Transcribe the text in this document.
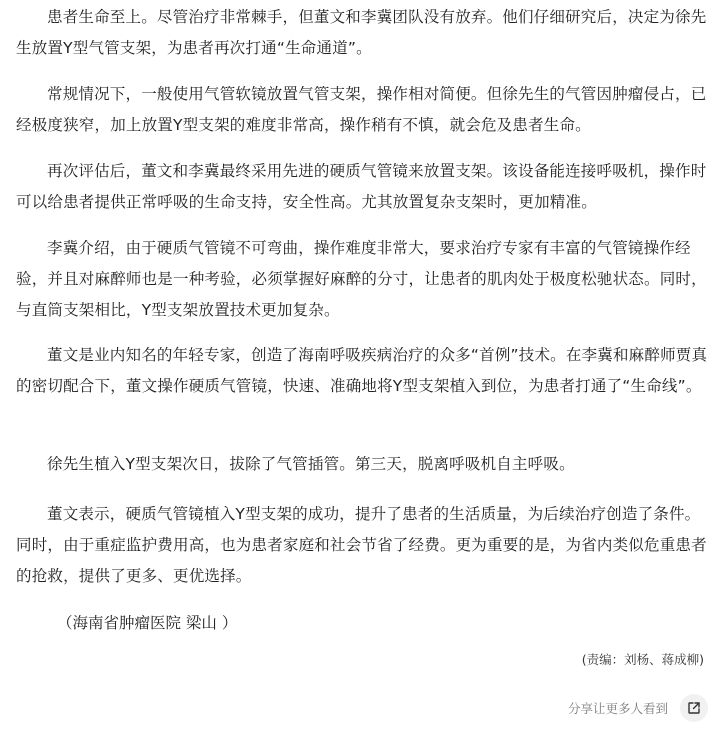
患者生命至上。尽管治疗非常棘手，但董文和李冀团队没有放弃。他们仔细研究后，决定为徐先生放置Y型气管支架，为患者再次打通“生命通道”。

常规情况下，一般使用气管软镜放置气管支架，操作相对简便。但徐先生的气管因肿瘤侵占，已经极度狭窄，加上放置Y型支架的难度非常高，操作稍有不慎，就会危及患者生命。

再次评估后，董文和李冀最终采用先进的硬质气管镜来放置支架。该设备能连接呼吸机，操作时可以给患者提供正常呼吸的生命支持，安全性高。尤其放置复杂支架时，更加精准。

李冀介绍，由于硬质气管镜不可弯曲，操作难度非常大，要求治疗专家有丰富的气管镜操作经验，并且对麻醉师也是一种考验，必须掌握好麻醉的分寸，让患者的肌肉处于极度松驰状态。同时，与直筒支架相比，Y型支架放置技术更加复杂。

董文是业内知名的年轻专家，创造了海南呼吸疾病治疗的众多“首例”技术。在李冀和麻醉师贾真的密切配合下，董文操作硬质气管镜，快速、准确地将Y型支架植入到位，为患者打通了“生命线”。

徐先生植入Y型支架次日，拔除了气管插管。第三天，脱离呼吸机自主呼吸。

董文表示，硬质气管镜植入Y型支架的成功，提升了患者的生活质量，为后续治疗创造了条件。同时，由于重症监护费用高，也为患者家庭和社会节省了经费。更为重要的是，为省内类似危重患者的抢救，提供了更多、更优选择。

（海南省肿瘤医院 梁山 ）
(责编：刘杨、蒋成柳)
分享让更多人看到
